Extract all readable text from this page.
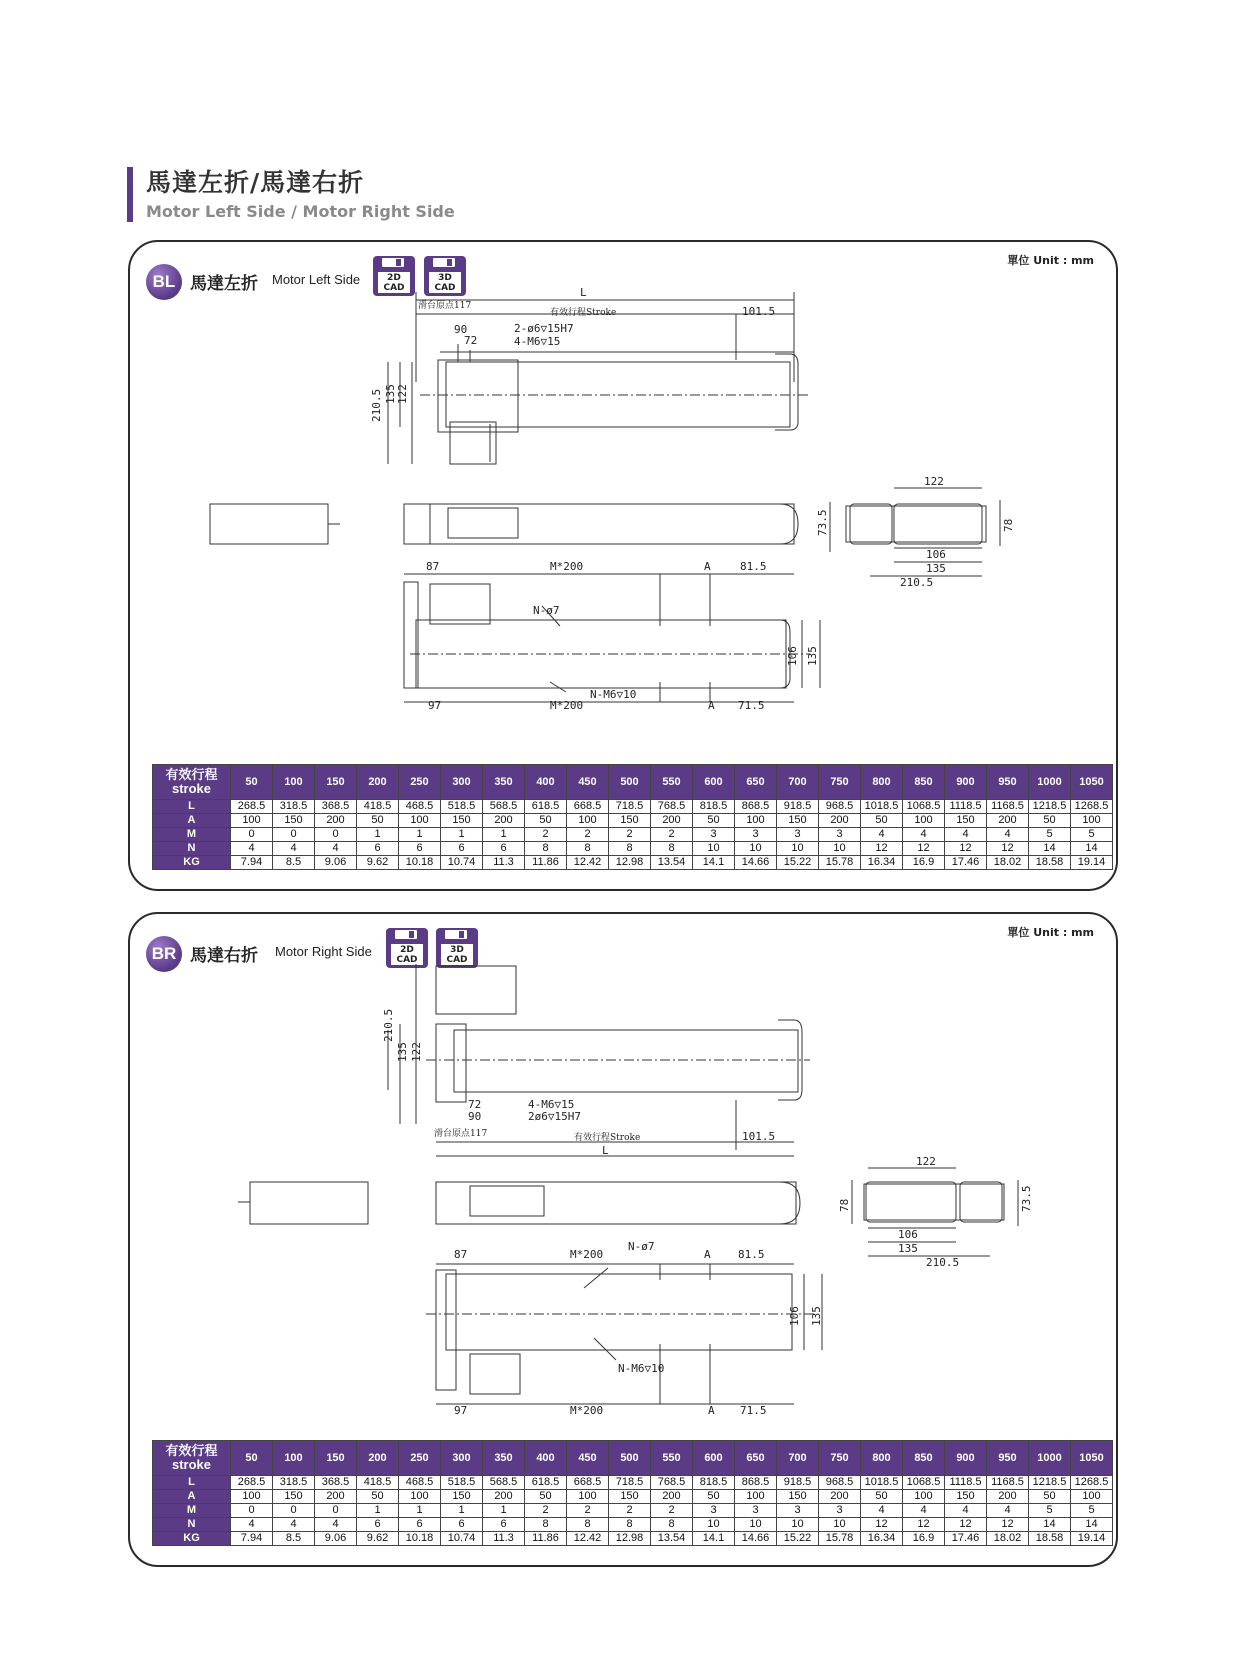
馬達左折/馬達右折
Motor Left Side / Motor Right Side
單位 Unit : mm
BL 馬達左折 Motor Left Side	2D CAD
3D CAD	L
滑台原点117
有效行程Stroke	101.5
90
72
2-ø6▽15H7
4-M6▽15
210.5 135 122
122
106
135
210.5
73.5	78
87	M*200	A	81.5
N-ø7
N-M6▽10
97	M*200	A 71.5
106 135
有效行程
stroke	50	100	150	200	250	300	350	400	450	500	550	600	650	700	750	800	850	900	950	1000	1050
L	268.5	318.5	368.5	418.5	468.5	518.5	568.5	618.5	668.5	718.5	768.5	818.5	868.5	918.5	968.5	1018.5	1068.5	1118.5	1168.5	1218.5	1268.5
A	100	150	200	50	100	150	200	50	100	150	200	50	100	150	200	50	100	150	200	50	100
M	0	0	0	1	1	1	1	2	2	2	2	3	3	3	3	4	4	4	4	5	5
N	4	4	4	6	6	6	6	8	8	8	8	10	10	10	10	12	12	12	12	14	14
KG	7.94	8.5	9.06	9.62	10.18	10.74	11.3	11.86	12.42	12.98	13.54	14.1	14.66	15.22	15.78	16.34	16.9	17.46	18.02	18.58	19.14
單位 Unit : mm
BR 馬達右折 Motor Right Side	2D CAD
3D CAD
210.5
135 122
4-M6▽15
2ø6▽15H7
72
90
滑台原点117	有效行程Stroke	101.5
L
122
106
135
210.5
78	73.5
87	M*200
N-ø7
A 81.5
N-M6▽10
97	M*200	A 71.5
106 135
有效行程
stroke	50	100	150	200	250	300	350	400	450	500	550	600	650	700	750	800	850	900	950	1000	1050
L	268.5	318.5	368.5	418.5	468.5	518.5	568.5	618.5	668.5	718.5	768.5	818.5	868.5	918.5	968.5	1018.5	1068.5	1118.5	1168.5	1218.5	1268.5
A	100	150	200	50	100	150	200	50	100	150	200	50	100	150	200	50	100	150	200	50	100
M	0	0	0	1	1	1	1	2	2	2	2	3	3	3	3	4	4	4	4	5	5
N	4	4	4	6	6	6	6	8	8	8	8	10	10	10	10	12	12	12	12	14	14
KG	7.94	8.5	9.06	9.62	10.18	10.74	11.3	11.86	12.42	12.98	13.54	14.1	14.66	15.22	15.78	16.34	16.9	17.46	18.02	18.58	19.14
